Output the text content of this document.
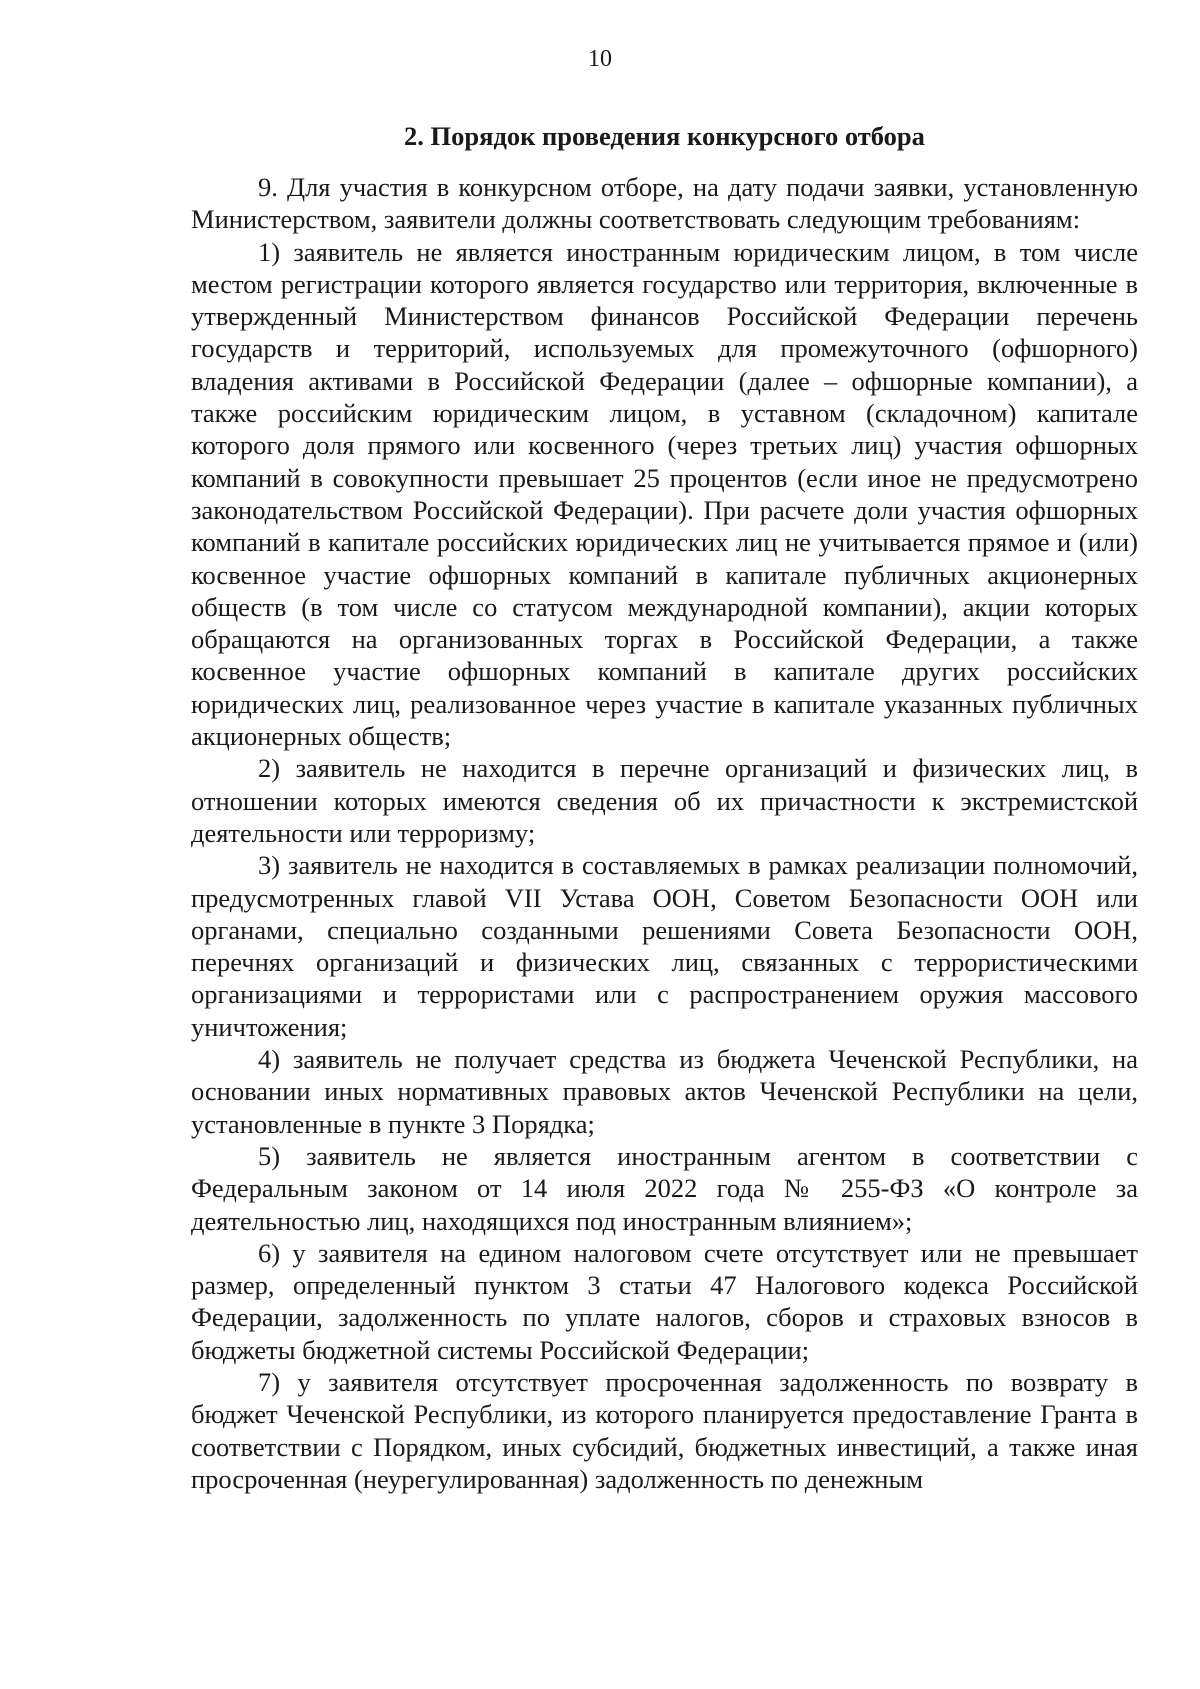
10
2. Порядок проведения конкурсного отбора

9. Для участия в конкурсном отборе, на дату подачи заявки, установленную Министерством, заявители должны соответствовать следующим требованиям:

1) заявитель не является иностранным юридическим лицом, в том числе местом регистрации которого является государство или территория, включенные в утвержденный Министерством финансов Российской Федерации перечень государств и территорий, используемых для промежуточного (офшорного) владения активами в Российской Федерации (далее – офшорные компании), а также российским юридическим лицом, в уставном (складочном) капитале которого доля прямого или косвенного (через третьих лиц) участия офшорных компаний в совокупности превышает 25 процентов (если иное не предусмотрено законодательством Российской Федерации). При расчете доли участия офшорных компаний в капитале российских юридических лиц не учитывается прямое и (или) косвенное участие офшорных компаний в капитале публичных акционерных обществ (в том числе со статусом международной компании), акции которых обращаются на организованных торгах в Российской Федерации, а также косвенное участие офшорных компаний в капитале других российских юридических лиц, реализованное через участие в капитале указанных публичных акционерных обществ;

2) заявитель не находится в перечне организаций и физических лиц, в отношении которых имеются сведения об их причастности к экстремистской деятельности или терроризму;

3) заявитель не находится в составляемых в рамках реализации полномочий, предусмотренных главой VII Устава ООН, Советом Безопасности ООН или органами, специально созданными решениями Совета Безопасности ООН, перечнях организаций и физических лиц, связанных с террористическими организациями и террористами или с распространением оружия массового уничтожения;

4) заявитель не получает средства из бюджета Чеченской Республики, на основании иных нормативных правовых актов Чеченской Республики на цели, установленные в пункте 3 Порядка;

5) заявитель не является иностранным агентом в соответствии с Федеральным законом от 14 июля 2022 года № 255-ФЗ «О контроле за деятельностью лиц, находящихся под иностранным влиянием»;

6) у заявителя на едином налоговом счете отсутствует или не превышает размер, определенный пунктом 3 статьи 47 Налогового кодекса Российской Федерации, задолженность по уплате налогов, сборов и страховых взносов в бюджеты бюджетной системы Российской Федерации;

7) у заявителя отсутствует просроченная задолженность по возврату в бюджет Чеченской Республики, из которого планируется предоставление Гранта в соответствии с Порядком, иных субсидий, бюджетных инвестиций, а также иная просроченная (неурегулированная) задолженность по денежным
